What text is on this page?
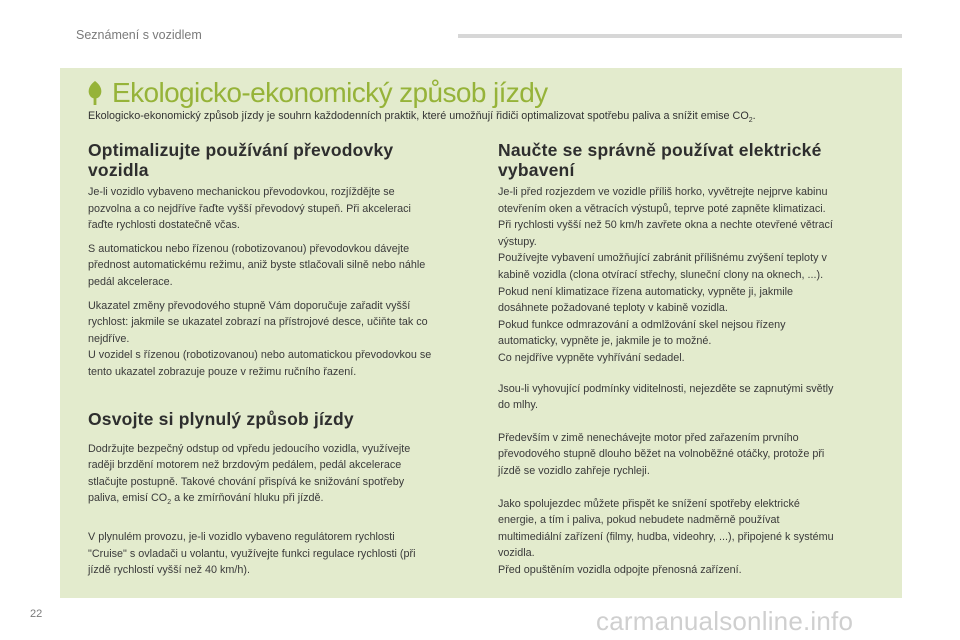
Seznámení s vozidlem
Ekologicko-ekonomický způsob jízdy
Ekologicko-ekonomický způsob jízdy je souhrn každodenních praktik, které umožňují řidiči optimalizovat spotřebu paliva a snížit emise $CO_2$.
Optimalizujte používání převodovky
vozidla

Je-li vozidlo vybaveno mechanickou převodovkou, rozjíždějte se
pozvolna a co nejdříve řaďte vyšší převodový stupeň. Při akceleraci
řaďte rychlosti dostatečně včas.

S automatickou nebo řízenou (robotizovanou) převodovkou dávejte
přednost automatickému režimu, aniž byste stlačovali silně nebo náhle
pedál akcelerace.

Ukazatel změny převodového stupně Vám doporučuje zařadit vyšší
rychlost: jakmile se ukazatel zobrazí na přístrojové desce, učiňte tak co
nejdříve.
U vozidel s řízenou (robotizovanou) nebo automatickou převodovkou se
tento ukazatel zobrazuje pouze v režimu ručního řazení.

Osvojte si plynulý způsob jízdy

Dodržujte bezpečný odstup od vpředu jedoucího vozidla, využívejte
raději brzdění motorem než brzdovým pedálem, pedál akcelerace
stlačujte postupně. Takové chování přispívá ke snižování spotřeby
paliva, emisí $CO_2$ a ke zmírňování hluku při jízdě.

V plynulém provozu, je-li vozidlo vybaveno regulátorem rychlosti
"Cruise" s ovladači u volantu, využívejte funkci regulace rychlosti (při
jízdě rychlostí vyšší než 40 km/h).

Naučte se správně používat elektrické
vybavení

Je-li před rozjezdem ve vozidle příliš horko, vyvětrejte nejprve kabinu
otevřením oken a větracích výstupů, teprve poté zapněte klimatizaci.
Při rychlosti vyšší než 50 km/h zavřete okna a nechte otevřené větrací
výstupy.
Používejte vybavení umožňující zabránit přílišnému zvýšení teploty v
kabině vozidla (clona otvírací střechy, sluneční clony na oknech, ...).
Pokud není klimatizace řízena automaticky, vypněte ji, jakmile
dosáhnete požadované teploty v kabině vozidla.
Pokud funkce odmrazování a odmlžování skel nejsou řízeny
automaticky, vypněte je, jakmile je to možné.
Co nejdříve vypněte vyhřívání sedadel.

Jsou-li vyhovující podmínky viditelnosti, nejezděte se zapnutými světly
do mlhy.

Především v zimě nenechávejte motor před zařazením prvního
převodového stupně dlouho běžet na volnoběžné otáčky, protože při
jízdě se vozidlo zahřeje rychleji.

Jako spolujezdec můžete přispět ke snížení spotřeby elektrické
energie, a tím i paliva, pokud nebudete nadměrně používat
multimediální zařízení (filmy, hudba, videohry, ...), připojené k systému
vozidla.
Před opuštěním vozidla odpojte přenosná zařízení.

22	carmanualsonline.info
